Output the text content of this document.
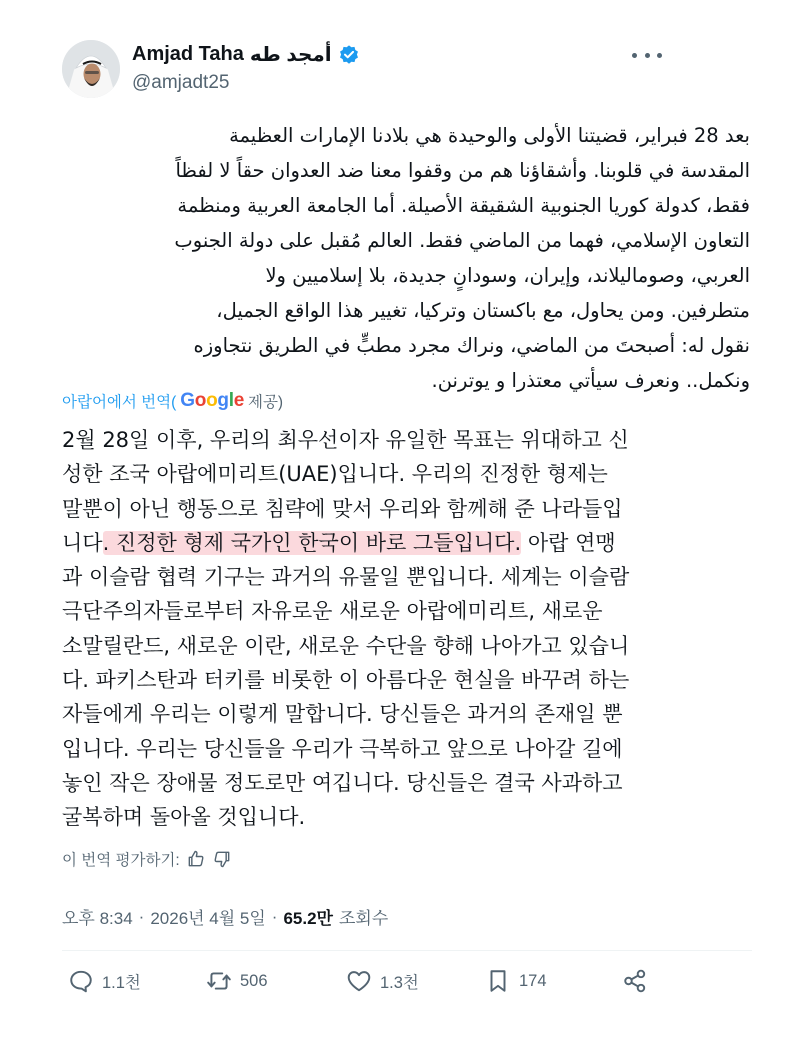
Amjad Taha أمجد طه
@amjadt25
بعد 28 فبراير، قضيتنا الأولى والوحيدة هي بلادنا الإمارات العظيمة
المقدسة في قلوبنا. وأشقاؤنا هم من وقفوا معنا ضد العدوان حقاً لا لفظاً
فقط، كدولة كوريا الجنوبية الشقيقة الأصيلة. أما الجامعة العربية ومنظمة
التعاون الإسلامي، فهما من الماضي فقط. العالم مُقبل على دولة الجنوب
العربي، وصوماليلاند، وإيران، وسودانٍ جديدة، بلا إسلاميين ولا
متطرفين. ومن يحاول، مع باكستان وتركيا، تغيير هذا الواقع الجميل،
نقول له: أصبحتَ من الماضي، ونراك مجرد مطبٍّ في الطريق نتجاوزه
ونكمل.. ونعرف سيأتي معتذرا و يوترنن.
아랍어에서 번역( Google 제공)
2월 28일 이후, 우리의 최우선이자 유일한 목표는 위대하고 신
성한 조국 아랍에미리트(UAE)입니다. 우리의 진정한 형제는
말뿐이 아닌 행동으로 침략에 맞서 우리와 함께해 준 나라들입
니다. 진정한 형제 국가인 한국이 바로 그들입니다. 아랍 연맹
과 이슬람 협력 기구는 과거의 유물일 뿐입니다. 세계는 이슬람
극단주의자들로부터 자유로운 새로운 아랍에미리트, 새로운
소말릴란드, 새로운 이란, 새로운 수단을 향해 나아가고 있습니
다. 파키스탄과 터키를 비롯한 이 아름다운 현실을 바꾸려 하는
자들에게 우리는 이렇게 말합니다. 당신들은 과거의 존재일 뿐
입니다. 우리는 당신들을 우리가 극복하고 앞으로 나아갈 길에
놓인 작은 장애물 정도로만 여깁니다. 당신들은 결국 사과하고
굴복하며 돌아올 것입니다.
이 번역 평가하기:
오후 8:34 · 2026년 4월 5일 · 65.2만 조회수
1.1천	506	1.3천	174
